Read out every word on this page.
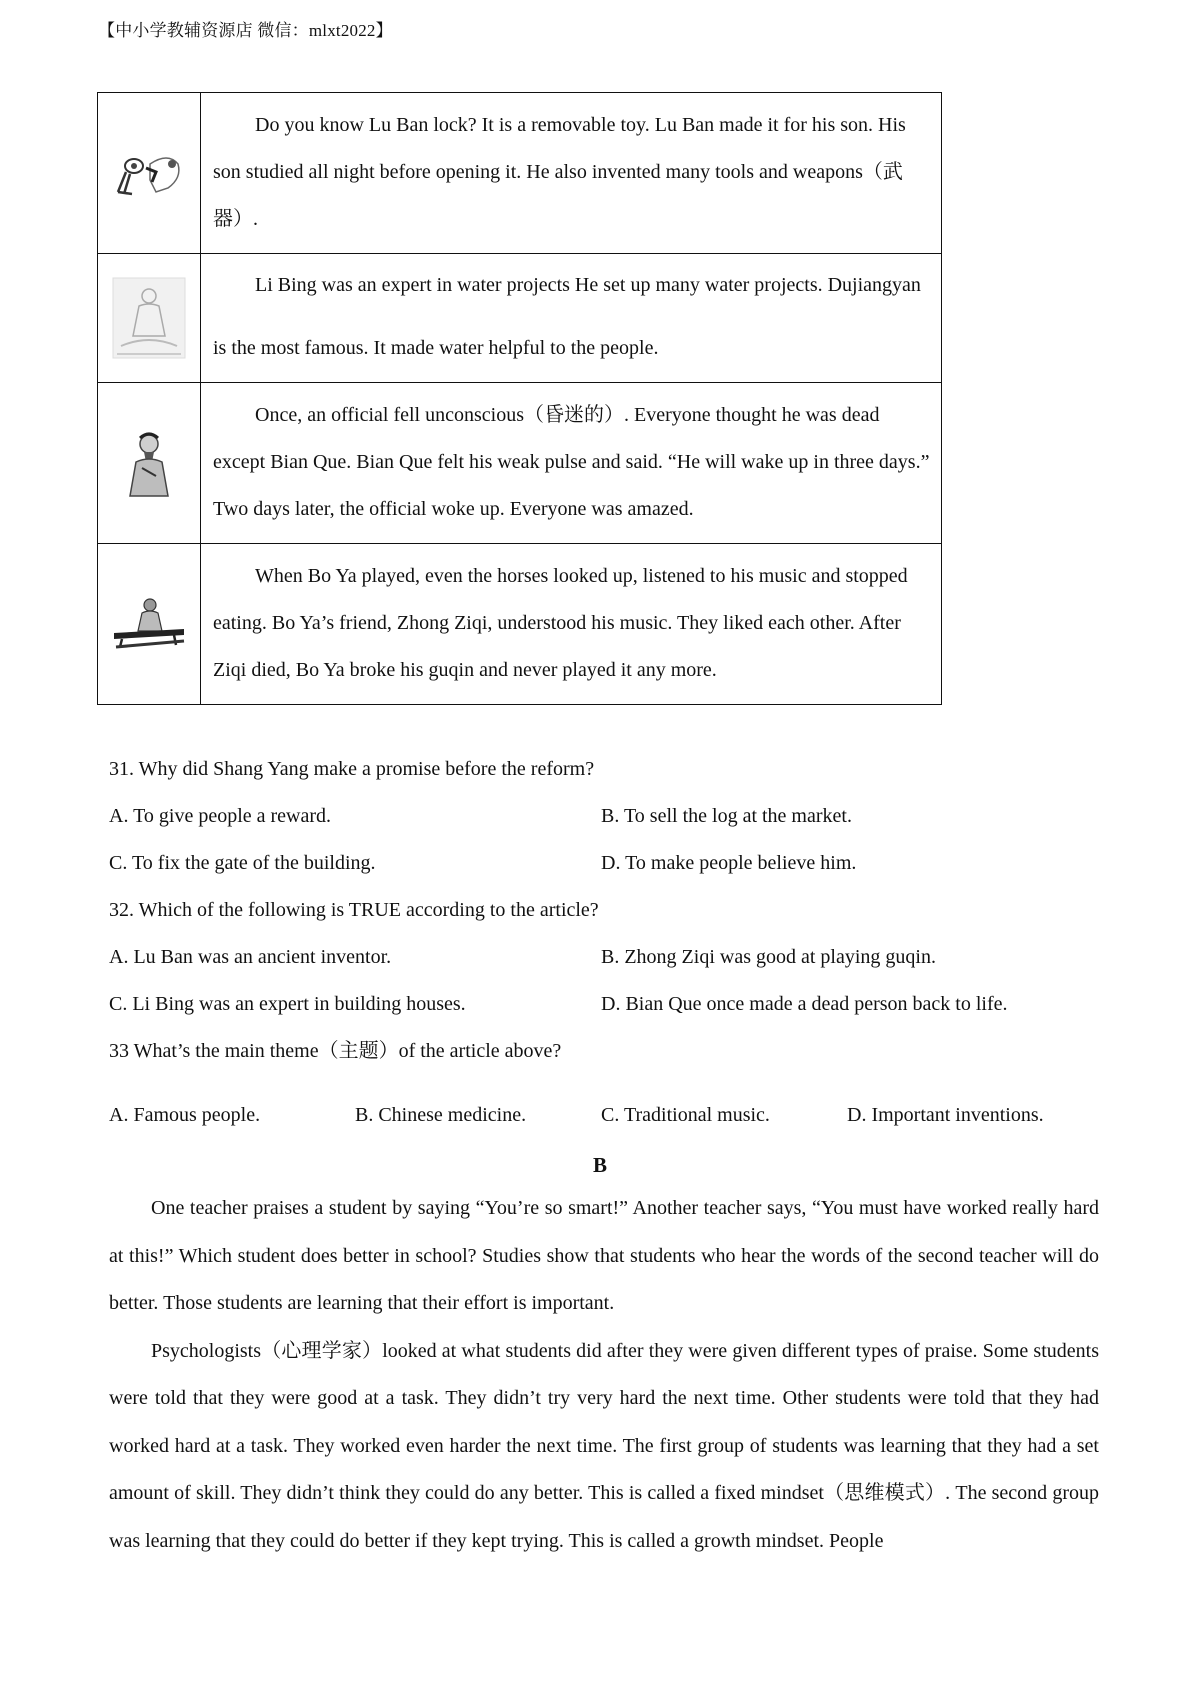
【中小学教辅资源店 微信：mlxt2022】

Do you know Lu Ban lock? It is a removable toy. Lu Ban made it for his son. His son studied all night before opening it. He also invented many tools and weapons（武器）.

Li Bing was an expert in water projects He set up many water projects. Dujiangyan is the most famous. It made water helpful to the people.

Once, an official fell unconscious（昏迷的）. Everyone thought he was dead except Bian Que. Bian Que felt his weak pulse and said. “He will wake up in three days.” Two days later, the official woke up. Everyone was amazed.

When Bo Ya played, even the horses looked up, listened to his music and stopped eating. Bo Ya’s friend, Zhong Ziqi, understood his music. They liked each other. After Ziqi died, Bo Ya broke his guqin and never played it any more.

31. Why did Shang Yang make a promise before the reform?
A. To give people a reward.	B. To sell the log at the market.
C. To fix the gate of the building.	D. To make people believe him.
32. Which of the following is TRUE according to the article?
A. Lu Ban was an ancient inventor.	B. Zhong Ziqi was good at playing guqin.
C. Li Bing was an expert in building houses.	D. Bian Que once made a dead person back to life.
33 What’s the main theme（主题）of the article above?
A. Famous people.	B. Chinese medicine.	C. Traditional music.	D. Important inventions.
B

One teacher praises a student by saying “You’re so smart!” Another teacher says, “You must have worked really hard at this!” Which student does better in school? Studies show that students who hear the words of the second teacher will do better. Those students are learning that their effort is important.

Psychologists（心理学家）looked at what students did after they were given different types of praise. Some students were told that they were good at a task. They didn’t try very hard the next time. Other students were told that they had worked hard at a task. They worked even harder the next time. The first group of students was learning that they had a set amount of skill. They didn’t think they could do any better. This is called a fixed mindset（思维模式）. The second group was learning that they could do better if they kept trying. This is called a growth mindset. People
